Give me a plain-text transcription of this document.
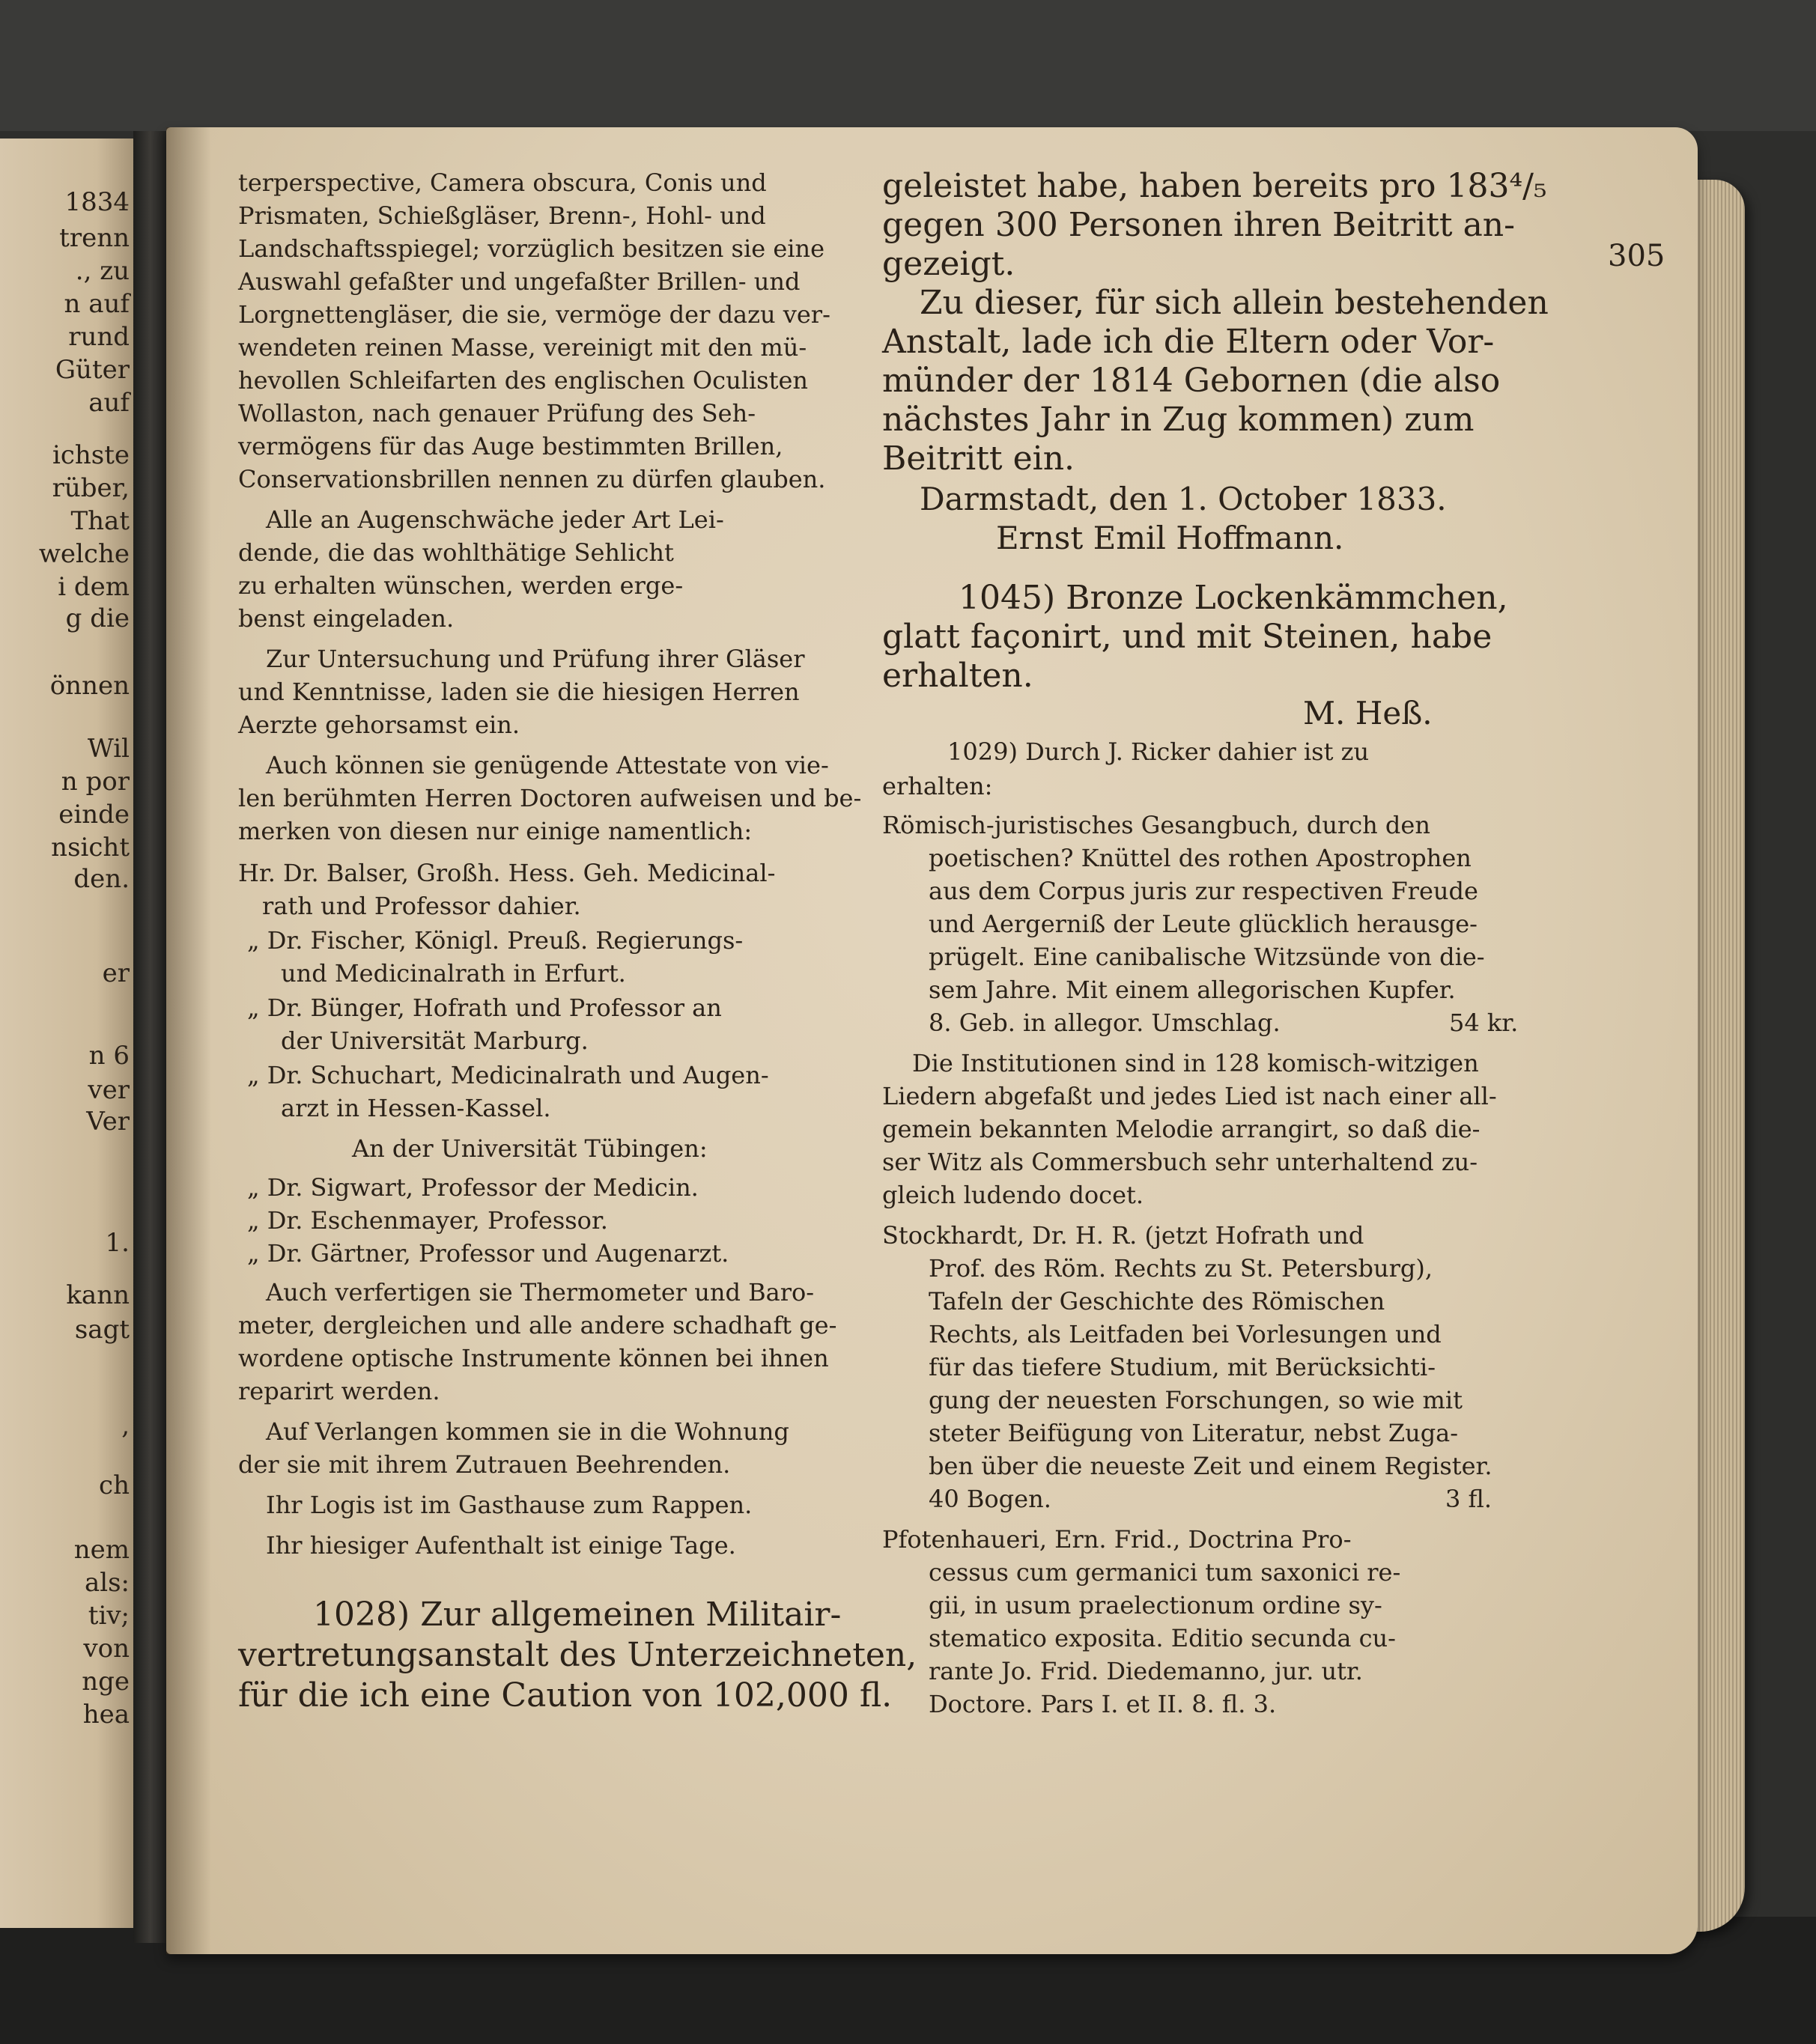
1834
trenn
., zu
n auf
rund
Güter
auf
ichste
rüber,
That
welche
i dem
g die
önnen
Wil
n por
einde
nsicht
den.
er
n 6
ver
Ver
1.
kann
sagt
,
ch
nem
als:
tiv;
von
nge
hea
305
terperspective, Camera obscura, Conis und
Prismaten, Schießgläser, Brenn-, Hohl- und
Landschaftsspiegel; vorzüglich besitzen sie eine
Auswahl gefaßter und ungefaßter Brillen- und
Lorgnettengläser, die sie, vermöge der dazu ver-
wendeten reinen Masse, vereinigt mit den mü-
hevollen Schleifarten des englischen Oculisten
Wollaston, nach genauer Prüfung des Seh-
vermögens für das Auge bestimmten Brillen,
Conservationsbrillen nennen zu dürfen glauben.
Alle an Augenschwäche jeder Art Lei-
dende, die das wohlthätige Sehlicht
zu erhalten wünschen, werden erge-
benst eingeladen.
Zur Untersuchung und Prüfung ihrer Gläser
und Kenntnisse, laden sie die hiesigen Herren
Aerzte gehorsamst ein.
Auch können sie genügende Attestate von vie-
len berühmten Herren Doctoren aufweisen und be-
merken von diesen nur einige namentlich:
Hr. Dr. Balser, Großh. Hess. Geh. Medicinal-
rath und Professor dahier.
„ Dr. Fischer, Königl. Preuß. Regierungs-
und Medicinalrath in Erfurt.
„ Dr. Bünger, Hofrath und Professor an
der Universität Marburg.
„ Dr. Schuchart, Medicinalrath und Augen-
arzt in Hessen-Kassel.
An der Universität Tübingen:
„ Dr. Sigwart, Professor der Medicin.
„ Dr. Eschenmayer, Professor.
„ Dr. Gärtner, Professor und Augenarzt.
Auch verfertigen sie Thermometer und Baro-
meter, dergleichen und alle andere schadhaft ge-
wordene optische Instrumente können bei ihnen
reparirt werden.
Auf Verlangen kommen sie in die Wohnung
der sie mit ihrem Zutrauen Beehrenden.
Ihr Logis ist im Gasthause zum Rappen.
Ihr hiesiger Aufenthalt ist einige Tage.
1028) Zur allgemeinen Militair-
vertretungsanstalt des Unterzeichneten,
für die ich eine Caution von 102,000 fl.
geleistet habe, haben bereits pro 183⁴/₅
gegen 300 Personen ihren Beitritt an-
gezeigt.
Zu dieser, für sich allein bestehenden
Anstalt, lade ich die Eltern oder Vor-
münder der 1814 Gebornen (die also
nächstes Jahr in Zug kommen) zum
Beitritt ein.
Darmstadt, den 1. October 1833.
Ernst Emil Hoffmann.
1045) Bronze Lockenkämmchen,
glatt façonirt, und mit Steinen, habe
erhalten.
M. Heß.
1029) Durch J. Ricker dahier ist zu
erhalten:
Römisch-juristisches Gesangbuch, durch den
poetischen? Knüttel des rothen Apostrophen
aus dem Corpus juris zur respectiven Freude
und Aergerniß der Leute glücklich herausge-
prügelt. Eine canibalische Witzsünde von die-
sem Jahre. Mit einem allegorischen Kupfer.
8. Geb. in allegor. Umschlag.	54 kr.
Die Institutionen sind in 128 komisch-witzigen
Liedern abgefaßt und jedes Lied ist nach einer all-
gemein bekannten Melodie arrangirt, so daß die-
ser Witz als Commersbuch sehr unterhaltend zu-
gleich ludendo docet.
Stockhardt, Dr. H. R. (jetzt Hofrath und
Prof. des Röm. Rechts zu St. Petersburg),
Tafeln der Geschichte des Römischen
Rechts, als Leitfaden bei Vorlesungen und
für das tiefere Studium, mit Berücksichti-
gung der neuesten Forschungen, so wie mit
steter Beifügung von Literatur, nebst Zuga-
ben über die neueste Zeit und einem Register.
40 Bogen.	3 fl.
Pfotenhaueri, Ern. Frid., Doctrina Pro-
cessus cum germanici tum saxonici re-
gii, in usum praelectionum ordine sy-
stematico exposita. Editio secunda cu-
rante Jo. Frid. Diedemanno, jur. utr.
Doctore. Pars I. et II. 8. fl. 3.
